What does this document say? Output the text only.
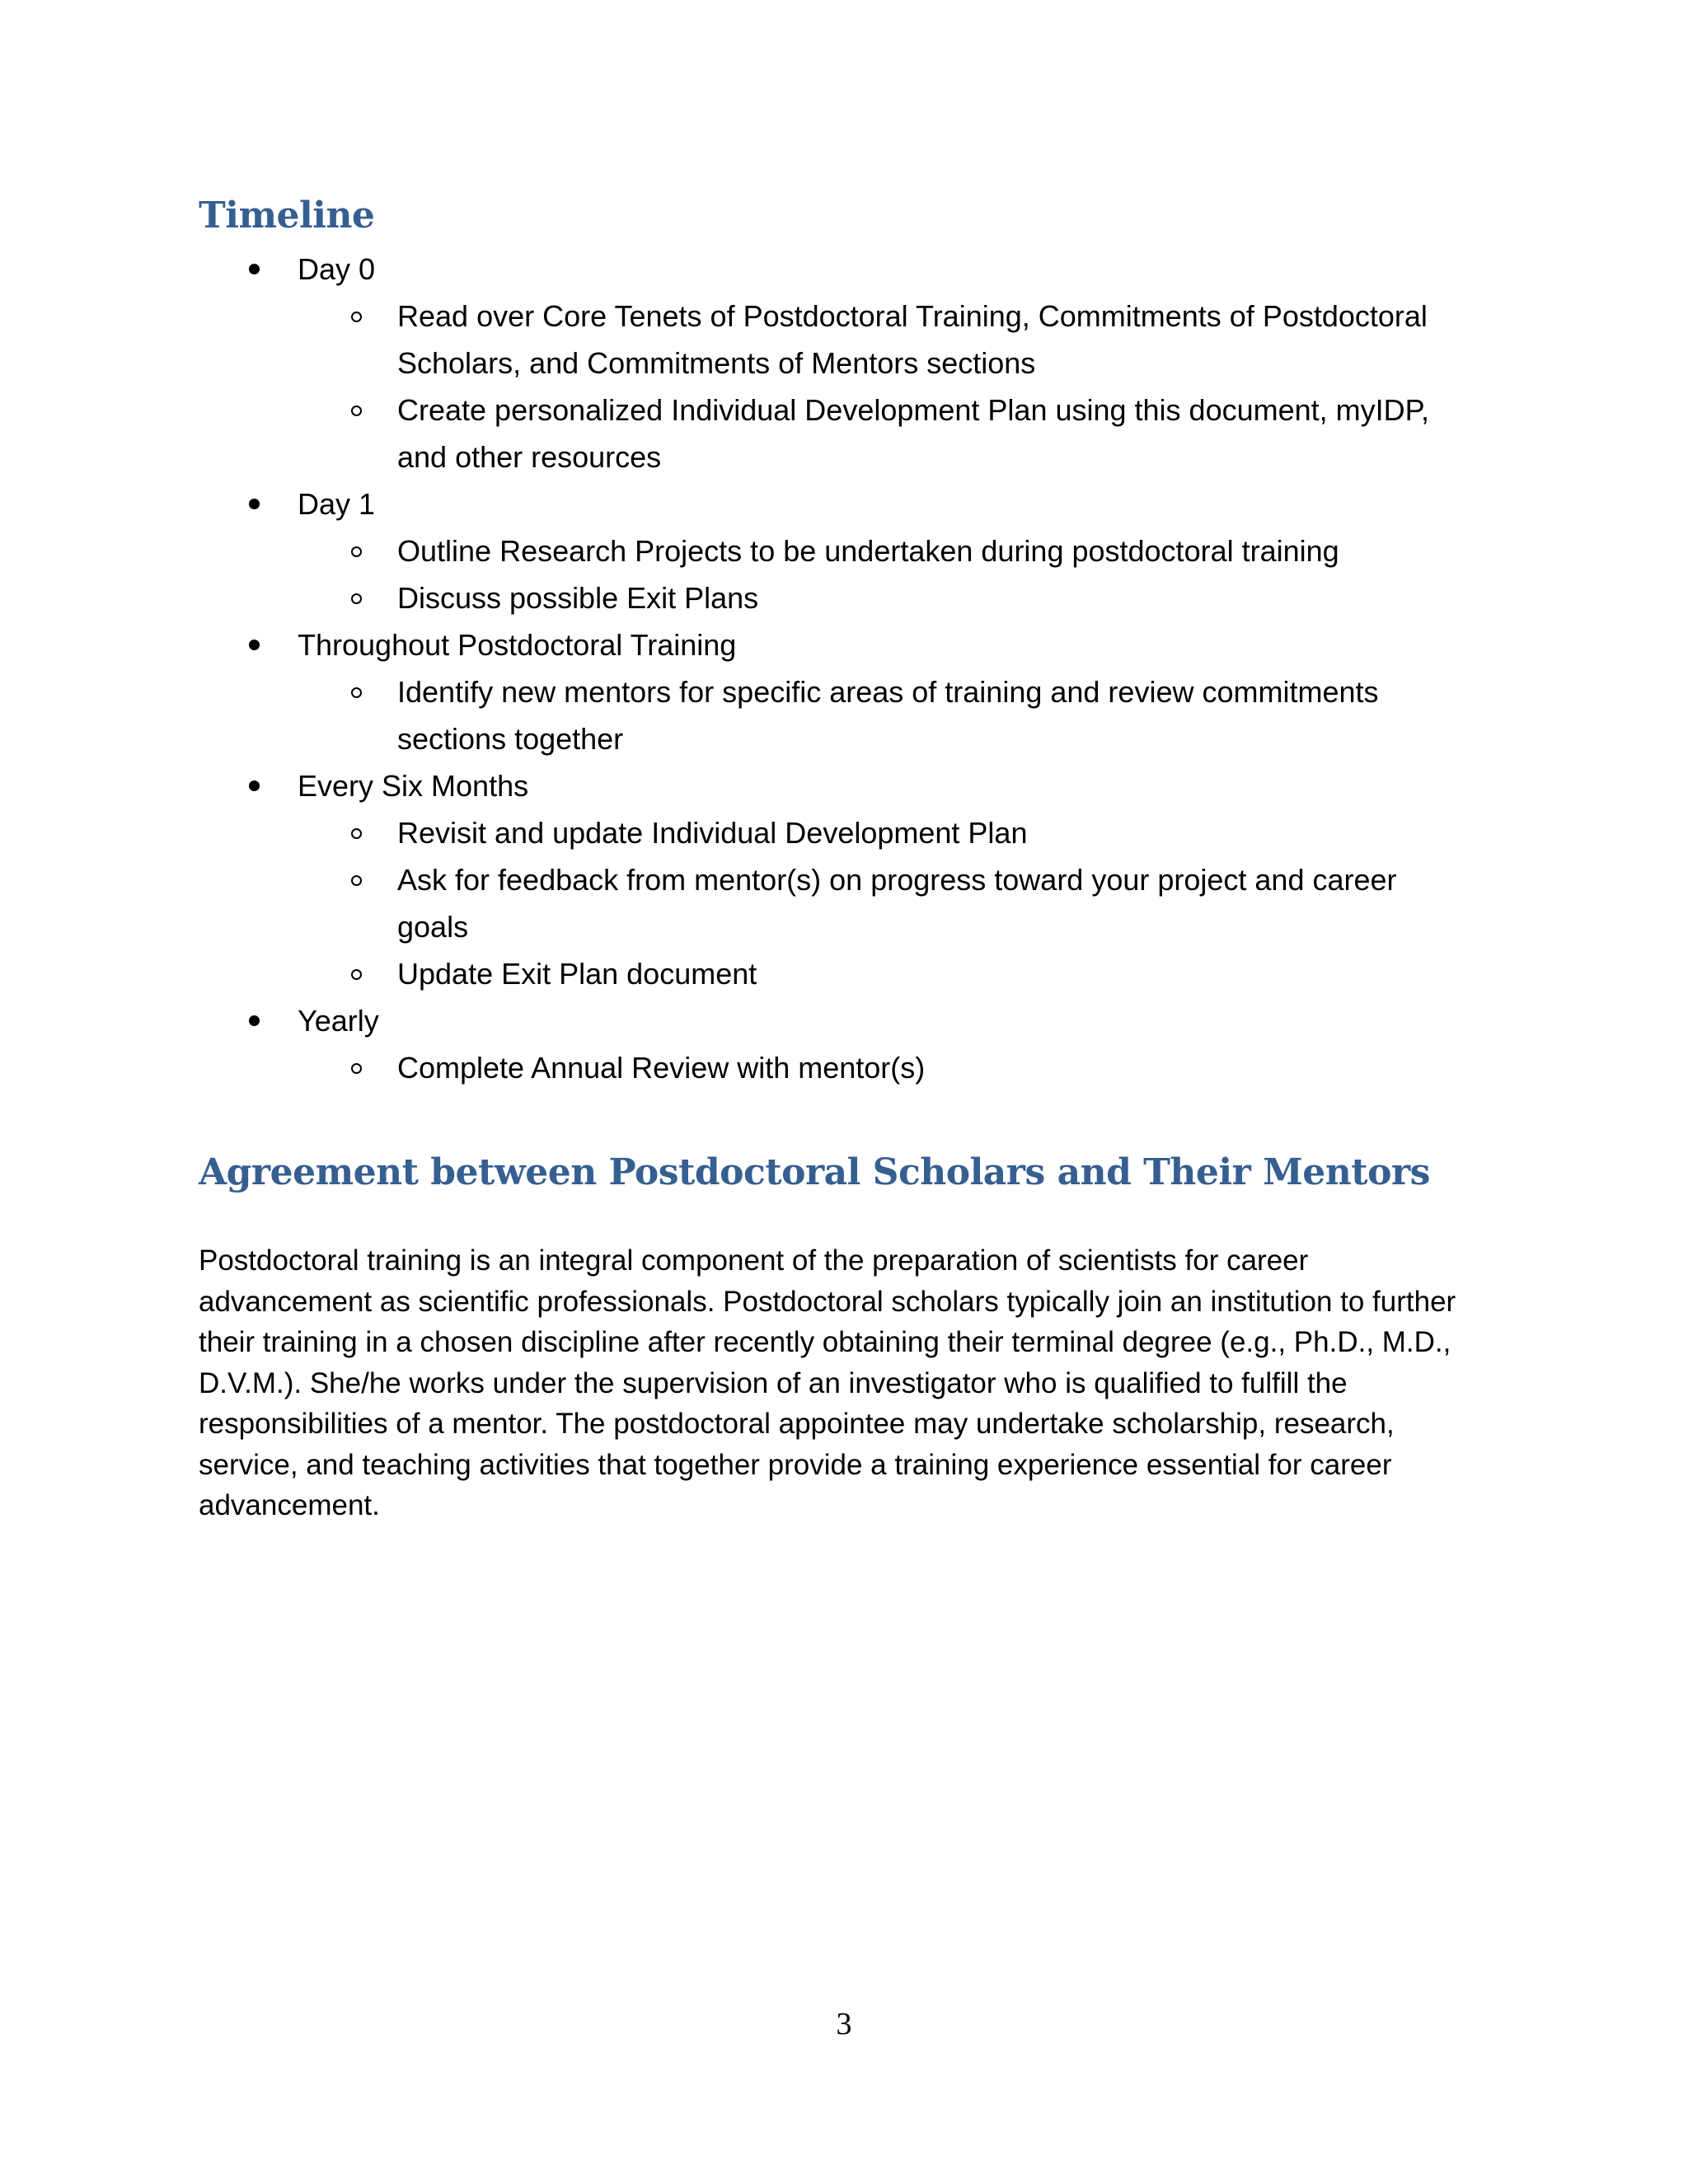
Timeline
Day 0
Read over Core Tenets of Postdoctoral Training, Commitments of Postdoctoral Scholars, and Commitments of Mentors sections
Create personalized Individual Development Plan using this document, myIDP, and other resources
Day 1
Outline Research Projects to be undertaken during postdoctoral training
Discuss possible Exit Plans
Throughout Postdoctoral Training
Identify new mentors for specific areas of training and review commitments sections together
Every Six Months
Revisit and update Individual Development Plan
Ask for feedback from mentor(s) on progress toward your project and career goals
Update Exit Plan document
Yearly
Complete Annual Review with mentor(s)
Agreement between Postdoctoral Scholars and Their Mentors

Postdoctoral training is an integral component of the preparation of scientists for career advancement as scientific professionals. Postdoctoral scholars typically join an institution to further their training in a chosen discipline after recently obtaining their terminal degree (e.g., Ph.D., M.D., D.V.M.). She/he works under the supervision of an investigator who is qualified to fulfill the responsibilities of a mentor. The postdoctoral appointee may undertake scholarship, research, service, and teaching activities that together provide a training experience essential for career advancement.

3
